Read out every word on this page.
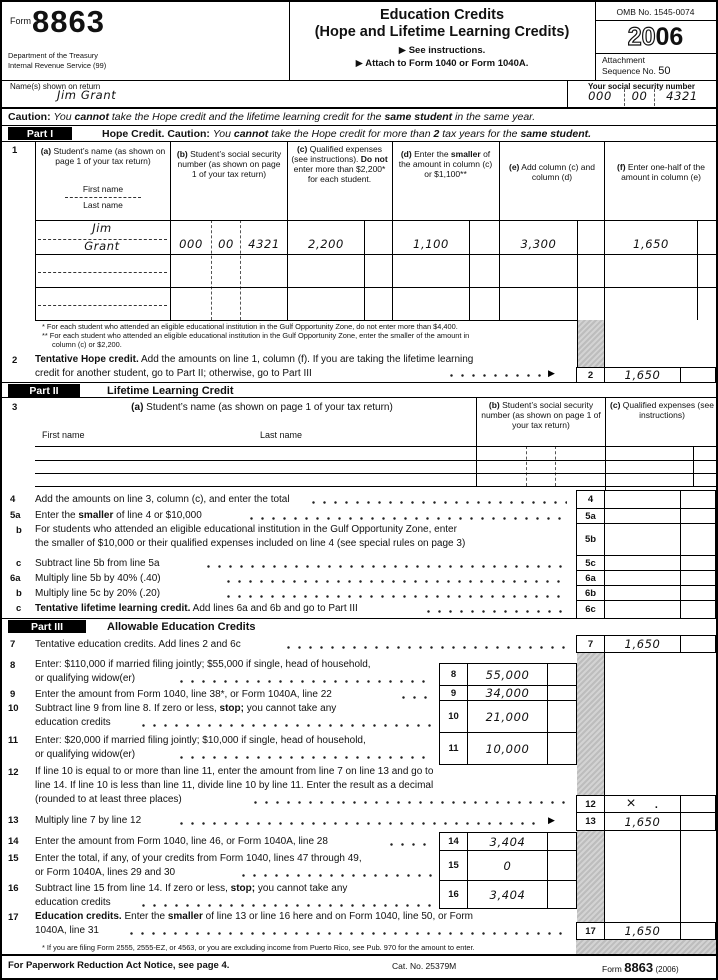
Form 8863
Department of the Treasury
Internal Revenue Service (99)
Education Credits
(Hope and Lifetime Learning Credits)
▶ See instructions.
▶ Attach to Form 1040 or Form 1040A.
OMB No. 1545-0074
2006
Attachment
Sequence No. 50
Name(s) shown on return
Jim Grant
Your social security number
000	00	4321
Caution: You cannot take the Hope credit and the lifetime learning credit for the same student in the same year.
Part I	Hope Credit. Caution: You cannot take the Hope credit for more than 2 tax years for the same student.
1	(a) Student’s name (as shown on page 1 of your tax return)
First name
Last name
(b) Student’s social security number (as shown on page 1 of your tax return)
(c) Qualified expenses (see instructions). Do not enter more than $2,200* for each student.
(d) Enter the smaller of the amount in column (c) or $1,100**
(e) Add column (c) and column (d)
(f) Enter one-half of the amount in column (e)
Jim
Grant	000	00	4321	2,200	1,100	3,300	1,650
* For each student who attended an eligible educational institution in the Gulf Opportunity Zone, do not enter more than $4,400.
** For each student who attended an eligible educational institution in the Gulf Opportunity Zone, enter the smaller of the amount in
column (c) or $2,200.
2 Tentative Hope credit. Add the amounts on line 1, column (f). If you are taking the lifetime learning
credit for another student, go to Part II; otherwise, go to Part III	▶	2	1,650
Part II	Lifetime Learning Credit
3	(a) Student’s name (as shown on page 1 of your tax return)
First name	Last name
(b) Student’s social security number (as shown on page 1 of your tax return)
(c) Qualified expenses (see instructions)
4 Add the amounts on line 3, column (c), and enter the total	4
5a Enter the smaller of line 4 or $10,000	5a
b For students who attended an eligible educational institution in the Gulf Opportunity Zone, enter
the smaller of $10,000 or their qualified expenses included on line 4 (see special rules on page 3)	5b
c Subtract line 5b from line 5a	5c
6a Multiply line 5b by 40% (.40)	6a
b Multiply line 5c by 20% (.20)	6b
c Tentative lifetime learning credit. Add lines 6a and 6b and go to Part III	6c
Part III	Allowable Education Credits
7 Tentative education credits. Add lines 2 and 6c	7	1,650
8 Enter: $110,000 if married filing jointly; $55,000 if single, head of household,
or qualifying widow(er)	8	55,000
9 Enter the amount from Form 1040, line 38*, or Form 1040A, line 22	9	34,000
10 Subtract line 9 from line 8. If zero or less, stop; you cannot take any
education credits
10	21,000
11 Enter: $20,000 if married filing jointly; $10,000 if single, head of household,
or qualifying widow(er)
11	10,000
12 If line 10 is equal to or more than line 11, enter the amount from line 7 on line 13 and go to
line 14. If line 10 is less than line 11, divide line 10 by line 11. Enter the result as a decimal
(rounded to at least three places)	12	× .
13 Multiply line 7 by line 12	▶	13	1,650
14 Enter the amount from Form 1040, line 46, or Form 1040A, line 28	14	3,404
15 Enter the total, if any, of your credits from Form 1040, lines 47 through 49,
or Form 1040A, lines 29 and 30
15	0
16 Subtract line 15 from line 14. If zero or less, stop; you cannot take any
education credits
16	3,404
17 Education credits. Enter the smaller of line 13 or line 16 here and on Form 1040, line 50, or Form
1040A, line 31	17	1,650
* If you are filing Form 2555, 2555-EZ, or 4563, or you are excluding income from Puerto Rico, see Pub. 970 for the amount to enter.
For Paperwork Reduction Act Notice, see page 4.	Cat. No. 25379M	Form 8863 (2006)
